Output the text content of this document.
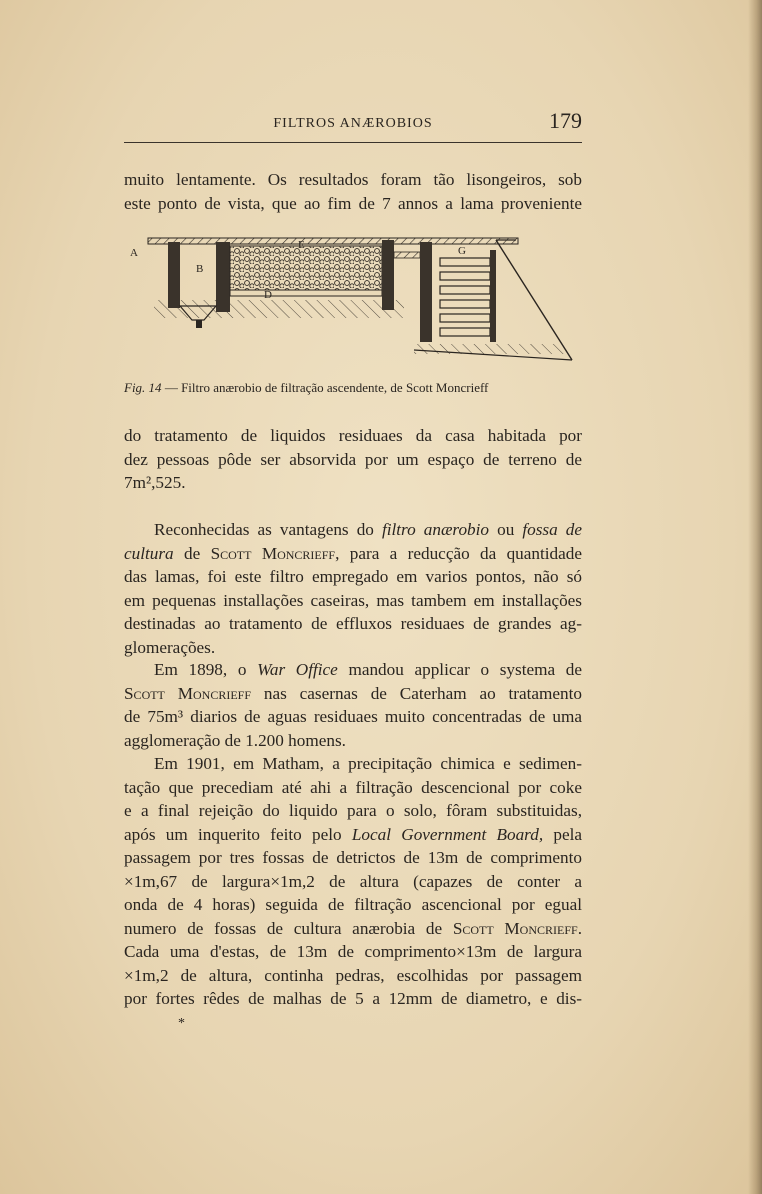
FILTROS ANÆROBIOS	179
muito lentamente. Os resultados foram tão lisongeiros, sob
este ponto de vista, que ao fim de 7 annos a lama proveniente
A
B
E
D
G
Fig. 14 — Filtro anærobio de filtração ascendente, de Scott Moncrieff
do tratamento de liquidos residuaes da casa habitada por
dez pessoas pôde ser absorvida por um espaço de terreno de
7m²,525.
Reconhecidas as vantagens do filtro anærobio ou fossa de
cultura de Scott Moncrieff, para a reducção da quantidade
das lamas, foi este filtro empregado em varios pontos, não só
em pequenas installações caseiras, mas tambem em installações
destinadas ao tratamento de effluxos residuaes de grandes ag-
glomerações.
Em 1898, o War Office mandou applicar o systema de
Scott Moncrieff nas casernas de Caterham ao tratamento
de 75m³ diarios de aguas residuaes muito concentradas de uma
agglomeração de 1.200 homens.
Em 1901, em Matham, a precipitação chimica e sedimen-
tação que precediam até ahi a filtração descencional por coke
e a final rejeição do liquido para o solo, fôram substituidas,
após um inquerito feito pelo Local Government Board, pela
passagem por tres fossas de detrictos de 13m de comprimento
×1m,67 de largura×1m,2 de altura (capazes de conter a
onda de 4 horas) seguida de filtração ascencional por egual
numero de fossas de cultura anærobia de Scott Moncrieff.
Cada uma d'estas, de 13m de comprimento×13m de largura
×1m,2 de altura, continha pedras, escolhidas por passagem
por fortes rêdes de malhas de 5 a 12mm de diametro, e dis-
*
